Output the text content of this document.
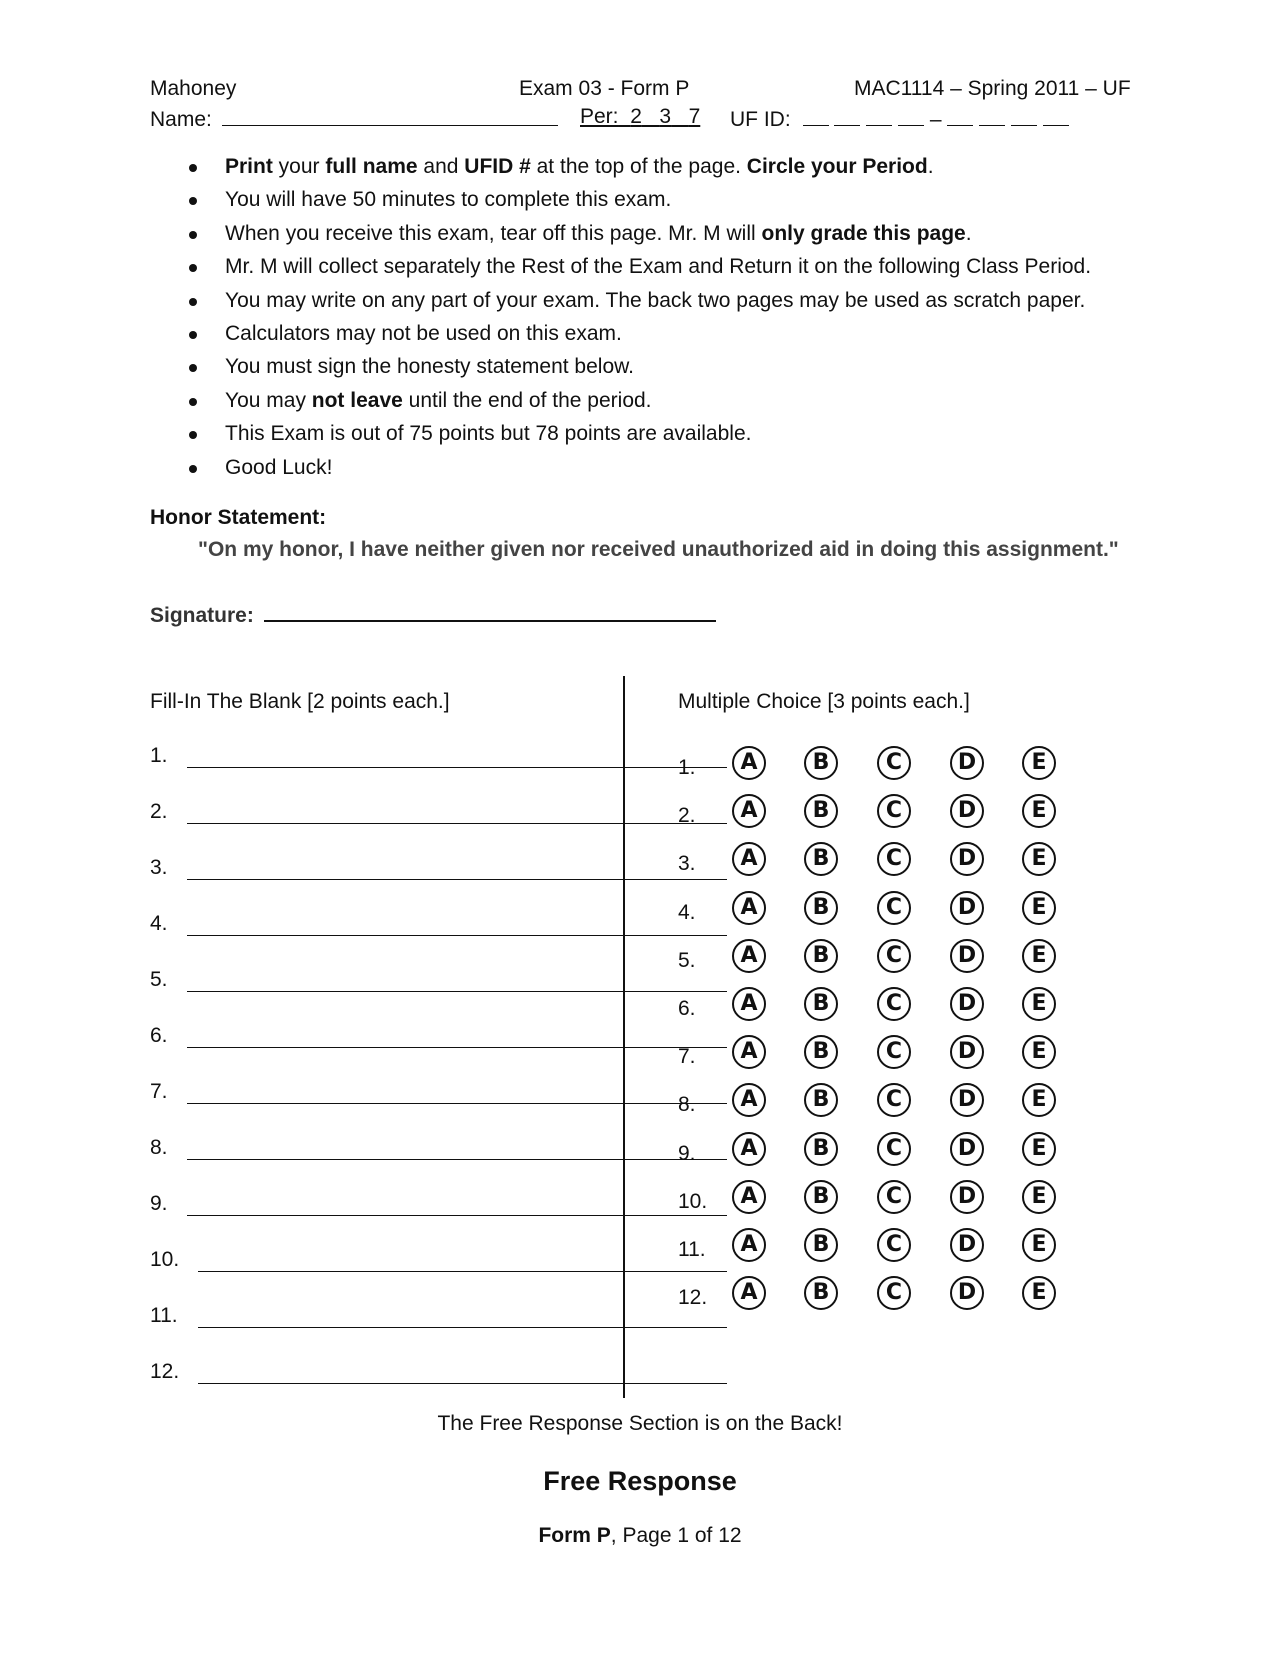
Mahoney	Exam 03 - Form P	MAC1114 – Spring 2011 – UF
Name:	Per: 2 3 7 UF ID:	–
Print your full name and UFID # at the top of the page. Circle your Period.
You will have 50 minutes to complete this exam.
When you receive this exam, tear off this page. Mr. M will only grade this page.
Mr. M will collect separately the Rest of the Exam and Return it on the following Class Period.
You may write on any part of your exam. The back two pages may be used as scratch paper.
Calculators may not be used on this exam.
You must sign the honesty statement below.
You may not leave until the end of the period.
This Exam is out of 75 points but 78 points are available.
Good Luck!
Honor Statement:
"On my honor, I have neither given nor received unauthorized aid in doing this assignment."
Signature:
Fill-In The Blank [2 points each.]	Multiple Choice [3 points each.]
1.
2.
3.
4.
5.
6.
7.
8.
9.
10.
11.
12.
1.	A	B	C	D	E
2.	A	B	C	D	E
3.	A	B	C	D	E
4.	A	B	C	D	E
5.	A	B	C	D	E
6.	A	B	C	D	E
7.	A	B	C	D	E
8.	A	B	C	D	E
9.	A	B	C	D	E
10.	A	B	C	D	E
11.	A	B	C	D	E
12.	A	B	C	D	E
The Free Response Section is on the Back!
Free Response
Form P, Page 1 of 12
